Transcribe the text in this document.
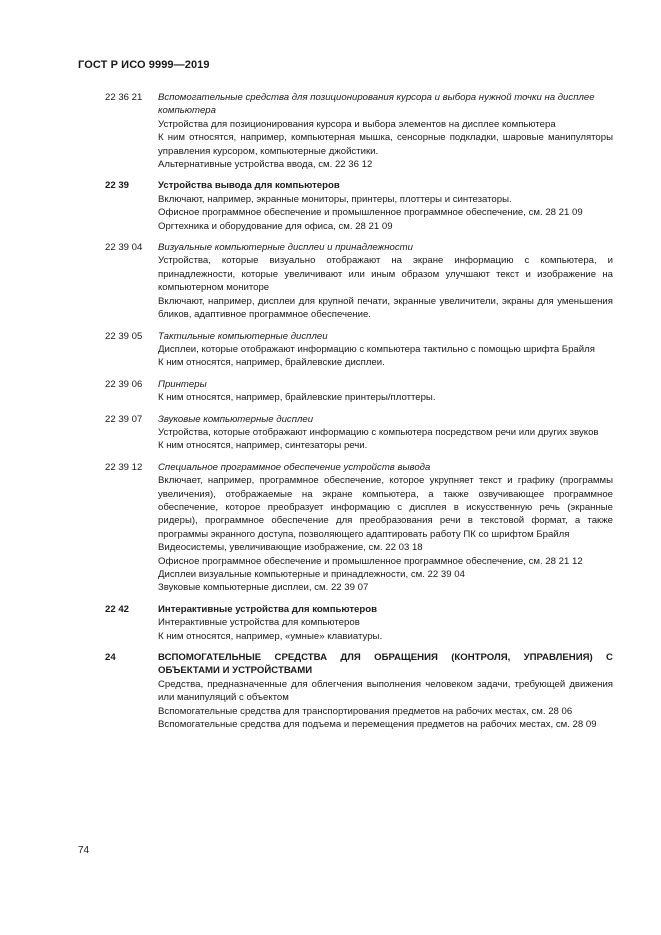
ГОСТ Р ИСО 9999—2019
22 36 21 Вспомогательные средства для позиционирования курсора и выбора нужной точки на дисплее компьютера
Устройства для позиционирования курсора и выбора элементов на дисплее компьютера
К ним относятся, например, компьютерная мышка, сенсорные подкладки, шаровые манипуляторы управления курсором, компьютерные джойстики.
Альтернативные устройства ввода, см. 22 36 12
22 39	Устройства вывода для компьютеров
Включают, например, экранные мониторы, принтеры, плоттеры и синтезаторы.
Офисное программное обеспечение и промышленное программное обеспечение, см. 28 21 09
Оргтехника и оборудование для офиса, см. 28 21 09
22 39 04 Визуальные компьютерные дисплеи и принадлежности
Устройства, которые визуально отображают на экране информацию с компьютера, и принадлежности, которые увеличивают или иным образом улучшают текст и изображение на компьютерном мониторе
Включают, например, дисплеи для крупной печати, экранные увеличители, экраны для уменьшения бликов, адаптивное программное обеспечение.
22 39 05 Тактильные компьютерные дисплеи
Дисплеи, которые отображают информацию с компьютера тактильно с помощью шрифта Брайля
К ним относятся, например, брайлевские дисплеи.
22 39 06 Принтеры
К ним относятся, например, брайлевские принтеры/плоттеры.
22 39 07 Звуковые компьютерные дисплеи
Устройства, которые отображают информацию с компьютера посредством речи или других звуков
К ним относятся, например, синтезаторы речи.
22 39 12 Специальное программное обеспечение устройств вывода
Включает, например, программное обеспечение, которое укрупняет текст и графику (программы увеличения), отображаемые на экране компьютера, а также озвучивающее программное обеспечение, которое преобразует информацию с дисплея в искусственную речь (экранные ридеры), программное обеспечение для преобразования речи в текстовой формат, а также программы экранного доступа, позволяющего адаптировать работу ПК со шрифтом Брайля
Видеосистемы, увеличивающие изображение, см. 22 03 18
Офисное программное обеспечение и промышленное программное обеспечение, см. 28 21 12
Дисплеи визуальные компьютерные и принадлежности, см. 22 39 04
Звуковые компьютерные дисплеи, см. 22 39 07
22 42	Интерактивные устройства для компьютеров
Интерактивные устройства для компьютеров
К ним относятся, например, «умные» клавиатуры.
24	ВСПОМОГАТЕЛЬНЫЕ СРЕДСТВА ДЛЯ ОБРАЩЕНИЯ (КОНТРОЛЯ, УПРАВЛЕНИЯ) С ОБЪЕКТАМИ И УСТРОЙСТВАМИ
Средства, предназначенные для облегчения выполнения человеком задачи, требующей движения или манипуляций с объектом
Вспомогательные средства для транспортирования предметов на рабочих местах, см. 28 06
Вспомогательные средства для подъема и перемещения предметов на рабочих местах, см. 28 09
74
